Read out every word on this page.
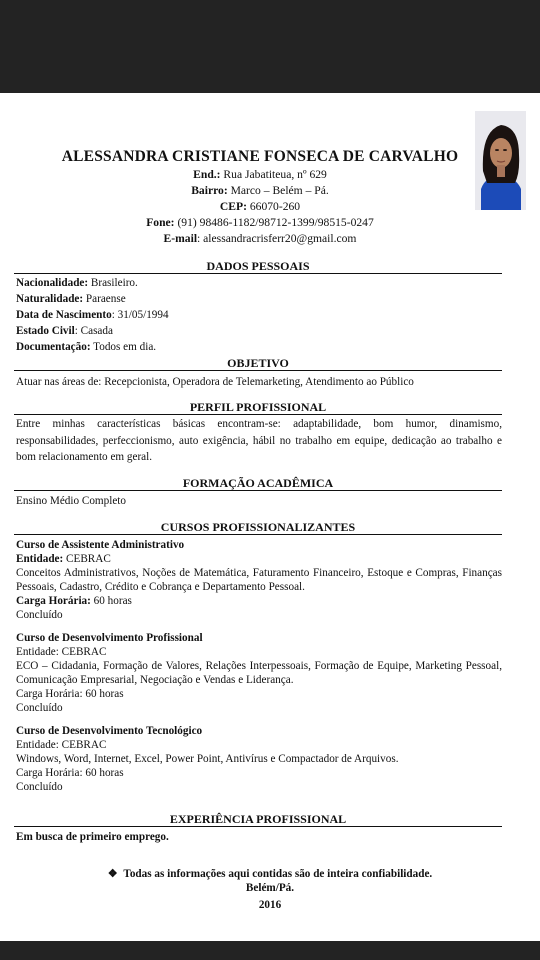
ALESSANDRA CRISTIANE FONSECA DE CARVALHO
End.: Rua Jabatiteua, nº 629
Bairro: Marco – Belém – Pá.
CEP: 66070-260
Fone: (91) 98486-1182/98712-1399/98515-0247
E-mail: alessandracrisferr20@gmail.com
DADOS PESSOAIS
Nacionalidade: Brasileiro.
Naturalidade: Paraense
Data de Nascimento: 31/05/1994
Estado Civil: Casada
Documentação: Todos em dia.
OBJETIVO
Atuar nas áreas de: Recepcionista, Operadora de Telemarketing, Atendimento ao Público
PERFIL PROFISSIONAL
Entre minhas características básicas encontram-se: adaptabilidade, bom humor, dinamismo, responsabilidades, perfeccionismo, auto exigência, hábil no trabalho em equipe, dedicação ao trabalho e bom relacionamento em geral.
FORMAÇÃO ACADÊMICA
Ensino Médio Completo
CURSOS PROFISSIONALIZANTES
Curso de Assistente Administrativo
Entidade: CEBRAC
Conceitos Administrativos, Noções de Matemática, Faturamento Financeiro, Estoque e Compras, Finanças Pessoais, Cadastro, Crédito e Cobrança e Departamento Pessoal.
Carga Horária: 60 horas
Concluído
Curso de Desenvolvimento Profissional
Entidade: CEBRAC
ECO – Cidadania, Formação de Valores, Relações Interpessoais, Formação de Equipe, Marketing Pessoal, Comunicação Empresarial, Negociação e Vendas e Liderança.
Carga Horária: 60 horas
Concluído
Curso de Desenvolvimento Tecnológico
Entidade: CEBRAC
Windows, Word, Internet, Excel, Power Point, Antivírus e Compactador de Arquivos.
Carga Horária: 60 horas
Concluído
EXPERIÊNCIA PROFISSIONAL
Em busca de primeiro emprego.
❖ Todas as informações aqui contidas são de inteira confiabilidade.
Belém/Pá.
2016
